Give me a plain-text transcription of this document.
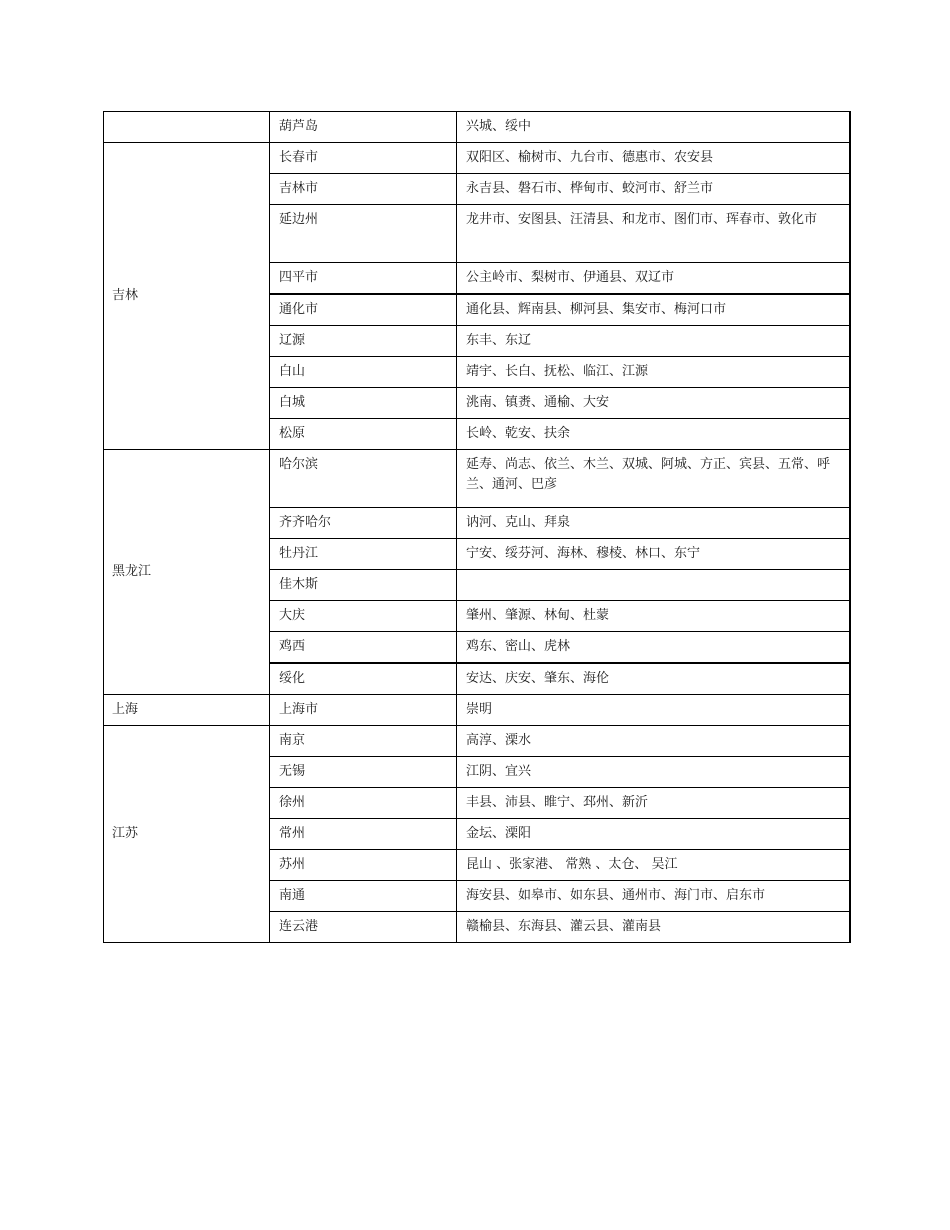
	葫芦岛	兴城、绥中
吉林	长春市	双阳区、榆树市、九台市、德惠市、农安县
	吉林市	永吉县、磐石市、桦甸市、蛟河市、舒兰市
	延边州	龙井市、安图县、汪清县、和龙市、图们市、珲春市、敦化市
	四平市	公主岭市、梨树市、伊通县、双辽市
	通化市	通化县、辉南县、柳河县、集安市、梅河口市
	辽源	东丰、东辽
	白山	靖宇、长白、抚松、临江、江源
	白城	洮南、镇赉、通榆、大安
	松原	长岭、乾安、扶余
黑龙江	哈尔滨	延寿、尚志、依兰、木兰、双城、阿城、方正、宾县、五常、呼兰、通河、巴彦
	齐齐哈尔	讷河、克山、拜泉
	牡丹江	宁安、绥芬河、海林、穆棱、林口、东宁
	佳木斯	
	大庆	肇州、肇源、林甸、杜蒙
	鸡西	鸡东、密山、虎林
	绥化	安达、庆安、肇东、海伦
上海	上海市	崇明
江苏	南京	高淳、溧水
	无锡	江阴、宜兴
	徐州	丰县、沛县、睢宁、邳州、新沂
	常州	金坛、溧阳
	苏州	昆山 、张家港、 常熟 、太仓、 吴江
	南通	海安县、如皋市、如东县、通州市、海门市、启东市
	连云港	赣榆县、东海县、灌云县、灌南县
